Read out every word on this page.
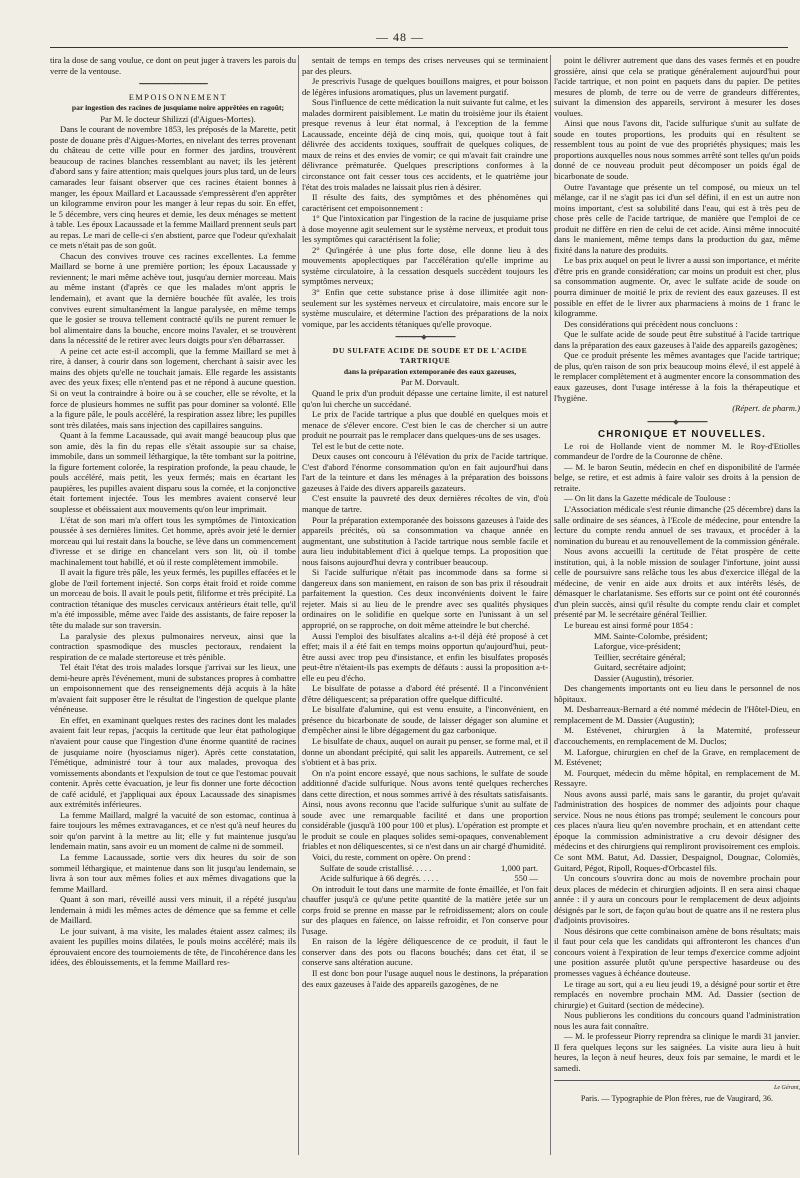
— 48 —

tira la dose de sang voulue, ce dont on peut juger à travers les parois du verre de la ventouse.

━━━━━━━━━━━━━━━━━━━━━

EMPOISONNEMENT

par ingestion des racines de jusquiame noire apprêtées en ragoût;

Par M. le docteur Shilizzi (d'Aigues-Mortes).

Dans le courant de novembre 1853, les préposés de la Marette, petit poste de douane près d'Aigues-Mortes, en nivelant des terres provenant du château de cette ville pour en former des jardins, trouvèrent beaucoup de racines blanches ressemblant au navet; ils les jetèrent d'abord sans y faire attention; mais quelques jours plus tard, un de leurs camarades leur faisant observer que ces racines étaient bonnes à manger, les époux Maillard et Lacaussade s'empressèrent d'en apprêter un kilogramme environ pour les manger à leur repas du soir. En effet, le 5 décembre, vers cinq heures et demie, les deux ménages se mettent à table. Les époux Lacaussade et la femme Maillard prennent seuls part au repas. Le mari de celle-ci s'en abstient, parce que l'odeur qu'exhalait ce mets n'était pas de son goût.

Chacun des convives trouve ces racines excellentes. La femme Maillard se borne à une première portion; les époux Lacaussade y reviennent; le mari même achève tout, jusqu'au dernier morceau. Mais au même instant (d'après ce que les malades m'ont appris le lendemain), et avant que la dernière bouchée fût avalée, les trois convives eurent simultanément la langue paralysée, en même temps que le gosier se trouva tellement contracté qu'ils ne purent remuer le bol alimentaire dans la bouche, encore moins l'avaler, et se trouvèrent dans la nécessité de le retirer avec leurs doigts pour s'en débarrasser.

A peine cet acte est-il accompli, que la femme Maillard se met à rire, à danser, à courir dans son logement, cherchant à saisir avec les mains des objets qu'elle ne touchait jamais. Elle regarde les assistants avec des yeux fixes; elle n'entend pas et ne répond à aucune question. Si on veut la contraindre à boire ou à se coucher, elle se révolte, et la force de plusieurs hommes ne suffit pas pour dominer sa volonté. Elle a la figure pâle, le pouls accéléré, la respiration assez libre; les pupilles sont très dilatées, mais sans injection des capillaires sanguins.

Quant à la femme Lacaussade, qui avait mangé beaucoup plus que son amie, dès la fin du repas elle s'était assoupie sur sa chaise, immobile, dans un sommeil léthargique, la tête tombant sur la poitrine, la figure fortement colorée, la respiration profonde, la peau chaude, le pouls accéléré, mais petit, les yeux fermés; mais en écartant les paupières, les pupilles avaient disparu sous la cornée, et la conjonctive était fortement injectée. Tous les membres avaient conservé leur souplesse et obéissaient aux mouvements qu'on leur imprimait.

L'état de son mari m'a offert tous les symptômes de l'intoxication poussée à ses dernières limites. Cet homme, après avoir jeté le dernier morceau qui lui restait dans la bouche, se lève dans un commencement d'ivresse et se dirige en chancelant vers son lit, où il tombe machinalement tout habillé, et où il reste complètement immobile.

Il avait la figure très pâle, les yeux fermés, les pupilles effacées et le globe de l'œil fortement injecté. Son corps était froid et roide comme un morceau de bois. Il avait le pouls petit, filiforme et très précipité. La contraction tétanique des muscles cervicaux antérieurs était telle, qu'il m'a été impossible, même avec l'aide des assistants, de faire reposer la tête du malade sur son traversin.

La paralysie des plexus pulmonaires nerveux, ainsi que la contraction spasmodique des muscles pectoraux, rendaient la respiration de ce malade stertoreuse et très pénible.

Tel était l'état des trois malades lorsque j'arrivai sur les lieux, une demi-heure après l'événement, muni de substances propres à combattre un empoisonnement que des renseignements déjà acquis à la hâte m'avaient fait supposer être le résultat de l'ingestion de quelque plante vénéneuse.

En effet, en examinant quelques restes des racines dont les malades avaient fait leur repas, j'acquis la certitude que leur état pathologique n'avaient pour cause que l'ingestion d'une énorme quantité de racines de jusquiame noire (hyosciamus niger). Après cette constatation, l'émétique, administré tour à tour aux malades, provoqua des vomissements abondants et l'expulsion de tout ce que l'estomac pouvait contenir. Après cette évacuation, je leur fis donner une forte décoction de café acidulé, et j'appliquai aux époux Lacaussade des sinapismes aux extrémités inférieures.

La femme Maillard, malgré la vacuité de son estomac, continua à faire toujours les mêmes extravagances, et ce n'est qu'à neuf heures du soir qu'on parvint à la mettre au lit; elle y fut maintenue jusqu'au lendemain matin, sans avoir eu un moment de calme ni de sommeil.

La femme Lacaussade, sortie vers dix heures du soir de son sommeil léthargique, et maintenue dans son lit jusqu'au lendemain, se livra à son tour aux mêmes folies et aux mêmes divagations que la femme Maillard.

Quant à son mari, réveillé aussi vers minuit, il a répété jusqu'au lendemain à midi les mêmes actes de démence que sa femme et celle de Maillard.

Le jour suivant, à ma visite, les malades étaient assez calmes; ils avaient les pupilles moins dilatées, le pouls moins accéléré; mais ils éprouvaient encore des tournoiements de tête, de l'incohérence dans les idées, des éblouissements, et la femme Maillard res-

sentait de temps en temps des crises nerveuses qui se terminaient par des pleurs.

Je prescrivis l'usage de quelques bouillons maigres, et pour boisson de légères infusions aromatiques, plus un lavement purgatif.

Sous l'influence de cette médication la nuit suivante fut calme, et les malades dormirent paisiblement. Le matin du troisième jour ils étaient presque revenus à leur état normal, à l'exception de la femme Lacaussade, enceinte déjà de cinq mois, qui, quoique tout à fait délivrée des accidents toxiques, souffrait de quelques coliques, de maux de reins et des envies de vomir; ce qui m'avait fait craindre une délivrance prématurée. Quelques prescriptions conformes à la circonstance ont fait cesser tous ces accidents, et le quatrième jour l'état des trois malades ne laissait plus rien à désirer.

Il résulte des faits, des symptômes et des phénomènes qui caractérisent cet empoisonnement :

1° Que l'intoxication par l'ingestion de la racine de jusquiame prise à dose moyenne agit seulement sur le système nerveux, et produit tous les symptômes qui caractérisent la folie;

2° Qu'ingérée à une plus forte dose, elle donne lieu à des mouvements apoplectiques par l'accélération qu'elle imprime au système circulatoire, à la cessation desquels succèdent toujours les symptômes nerveux;

3° Enfin que cette substance prise à dose illimitée agit non-seulement sur les systèmes nerveux et circulatoire, mais encore sur le système musculaire, et détermine l'action des préparations de la noix vomique, par les accidents tétaniques qu'elle provoque.

━━━━━━━━◆━━━━━━━━━

DU SULFATE ACIDE DE SOUDE ET DE L'ACIDE TARTRIQUE

dans la préparation extemporanée des eaux gazeuses,

Par M. Dorvault.

Quand le prix d'un produit dépasse une certaine limite, il est naturel qu'on lui cherche un succédané.

Le prix de l'acide tartrique a plus que doublé en quelques mois et menace de s'élever encore. C'est bien le cas de chercher si un autre produit ne pourrait pas le remplacer dans quelques-uns de ses usages.

Tel est le but de cette note.

Deux causes ont concouru à l'élévation du prix de l'acide tartrique. C'est d'abord l'énorme consommation qu'on en fait aujourd'hui dans l'art de la teinture et dans les ménages à la préparation des boissons gazeuses à l'aide des divers appareils gazateurs.

C'est ensuite la pauvreté des deux dernières récoltes de vin, d'où manque de tartre.

Pour la préparation extemporanée des boissons gazeuses à l'aide des appareils précités, où sa consommation va chaque année en augmentant, une substitution à l'acide tartrique nous semble facile et aura lieu indubitablement d'ici à quelque temps. La proposition que nous faisons aujourd'hui devra y contribuer beaucoup.

Si l'acide sulfurique n'était pas incommode dans sa forme si dangereux dans son maniement, en raison de son bas prix il résoudrait parfaitement la question. Ces deux inconvénients doivent le faire rejeter. Mais si au lieu de le prendre avec ses qualités physiques ordinaires on le solidifie en quelque sorte en l'unissant à un sel approprié, on se rapproche, on doit même atteindre le but cherché.

Aussi l'emploi des bisulfates alcalins a-t-il déjà été proposé à cet effet; mais il a été fait en temps moins opportun qu'aujourd'hui, peut-être aussi avec trop peu d'insistance, et enfin les bisulfates proposés peut-être n'étaient-ils pas exempts de défauts : aussi la proposition a-t-elle eu peu d'écho.

Le bisulfate de potasse a d'abord été présenté. Il a l'inconvénient d'être déliquescent; sa préparation offre quelque difficulté.

Le bisulfate d'alumine, qui est venu ensuite, a l'inconvénient, en présence du bicarbonate de soude, de laisser dégager son alumine et d'empêcher ainsi le libre dégagement du gaz carbonique.

Le bisulfate de chaux, auquel on aurait pu penser, se forme mal, et il donne un abondant précipité, qui salit les appareils. Autrement, ce sel s'obtient et à bas prix.

On n'a point encore essayé, que nous sachions, le sulfate de soude additionné d'acide sulfurique. Nous avons tenté quelques recherches dans cette direction, et nous sommes arrivé à des résultats satisfaisants. Ainsi, nous avons reconnu que l'acide sulfurique s'unit au sulfate de soude avec une remarquable facilité et dans une proportion considérable (jusqu'à 100 pour 100 et plus). L'opération est prompte et le produit se coule en plaques solides semi-opaques, convenablement friables et non déliquescentes, si ce n'est dans un air chargé d'humidité.

Voici, du reste, comment on opère. On prend :

Sulfate de soude cristallisé. . . . .	1,000 part.
Acide sulfurique à 66 degrés. . . . .	550 —

On introduit le tout dans une marmite de fonte émaillée, et l'on fait chauffer jusqu'à ce qu'une petite quantité de la matière jetée sur un corps froid se prenne en masse par le refroidissement; alors on coule sur des plaques en faïence, on laisse refroidir, et l'on conserve pour l'usage.

En raison de la légère déliquescence de ce produit, il faut le conserver dans des pots ou flacons bouchés; dans cet état, il se conserve sans altération aucune.

Il est donc bon pour l'usage auquel nous le destinons, la préparation des eaux gazeuses à l'aide des appareils gazogènes, de ne

point le délivrer autrement que dans des vases fermés et en poudre grossière, ainsi que cela se pratique généralement aujourd'hui pour l'acide tartrique, et non point en paquets dans du papier. De petites mesures de plomb, de terre ou de verre de grandeurs différentes, suivant la dimension des appareils, serviront à mesurer les doses voulues.

Ainsi que nous l'avons dit, l'acide sulfurique s'unit au sulfate de soude en toutes proportions, les produits qui en résultent se ressemblent tous au point de vue des propriétés physiques; mais les proportions auxquelles nous nous sommes arrêté sont telles qu'un poids donné de ce nouveau produit peut décomposer un poids égal de bicarbonate de soude.

Outre l'avantage que présente un tel composé, ou mieux un tel mélange, car il ne s'agit pas ici d'un sel défini, il en est un autre non moins important, c'est sa solubilité dans l'eau, qui est à très peu de chose près celle de l'acide tartrique, de manière que l'emploi de ce produit ne diffère en rien de celui de cet acide. Ainsi même innocuité dans le maniement, même temps dans la production du gaz, même fixité dans la nature des produits.

Le bas prix auquel on peut le livrer a aussi son importance, et mérite d'être pris en grande considération; car moins un produit est cher, plus sa consommation augmente. Or, avec le sulfate acide de soude on pourra diminuer de moitié le prix de revient des eaux gazeuses. Il est possible en effet de le livrer aux pharmaciens à moins de 1 franc le kilogramme.

Des considérations qui précèdent nous concluons :

Que le sulfate acide de soude peut être substitué à l'acide tartrique dans la préparation des eaux gazeuses à l'aide des appareils gazogènes;

Que ce produit présente les mêmes avantages que l'acide tartrique; de plus, qu'en raison de son prix beaucoup moins élevé, il est appelé à le remplacer complètement et à augmenter encore la consommation des eaux gazeuses, dont l'usage intéresse à la fois la thérapeutique et l'hygiène.

(Répert. de pharm.)

━━━━━━━━◆━━━━━━━━━

CHRONIQUE ET NOUVELLES.

Le roi de Hollande vient de nommer M. le Roy-d'Etiolles commandeur de l'ordre de la Couronne de chêne.

— M. le baron Seutin, médecin en chef en disponibilité de l'armée belge, se retire, et est admis à faire valoir ses droits à la pension de retraite.

— On lit dans la Gazette médicale de Toulouse :

L'Association médicale s'est réunie dimanche (25 décembre) dans la salle ordinaire de ses séances, à l'Ecole de médecine, pour entendre la lecture du compte rendu annuel de ses travaux, et procéder à la nomination du bureau et au renouvellement de la commission générale.

Nous avons accueilli la certitude de l'état prospère de cette institution, qui, à la noble mission de soulager l'infortune, joint aussi celle de poursuivre sans relâche tous les abus d'exercice illégal de la médecine, de venir en aide aux droits et aux intérêts lésés, de démasquer le charlatanisme. Ses efforts sur ce point ont été couronnés d'un plein succès, ainsi qu'il résulte du compte rendu clair et complet présenté par M. le secrétaire général Teillier.

Le bureau est ainsi formé pour 1854 :

MM. Sainte-Colombe, président;

Laforgue, vice-président;

Teillier, secrétaire général;

Guitard, secrétaire adjoint;

Dassier (Augustin), trésorier.

Des changements importants ont eu lieu dans le personnel de nos hôpitaux.

M. Desbarreaux-Bernard a été nommé médecin de l'Hôtel-Dieu, en remplacement de M. Dassier (Augustin);

M. Estévenet, chirurgien à la Maternité, professeur d'accouchements, en remplacement de M. Duclos;

M. Laforgue, chirurgien en chef de la Grave, en remplacement de M. Estévenet;

M. Fourquet, médecin du même hôpital, en remplacement de M. Ressayre.

Nous avons aussi parlé, mais sans le garantir, du projet qu'avait l'administration des hospices de nommer des adjoints pour chaque service. Nous ne nous étions pas trompé; seulement le concours pour ces places n'aura lieu qu'en novembre prochain, et en attendant cette époque la commission administrative a cru devoir désigner des médecins et des chirurgiens qui rempliront provisoirement ces emplois. Ce sont MM. Batut, Ad. Dassier, Despaignol, Dougnac, Colomiès, Guitard, Pégot, Ripoll, Roques-d'Orbcastel fils.

Un concours s'ouvrira donc au mois de novembre prochain pour deux places de médecin et chirurgien adjoints. Il en sera ainsi chaque année : il y aura un concours pour le remplacement de deux adjoints désignés par le sort, de façon qu'au bout de quatre ans il ne restera plus d'adjoints provisoires.

Nous désirons que cette combinaison amène de bons résultats; mais il faut pour cela que les candidats qui affronteront les chances d'un concours voient à l'expiration de leur temps d'exercice comme adjoint une position assurée plutôt qu'une perspective hasardeuse ou des promesses vagues à échéance douteuse.

Le tirage au sort, qui a eu lieu jeudi 19, a désigné pour sortir et être remplacés en novembre prochain MM. Ad. Dassier (section de chirurgie) et Guitard (section de médecine).

Nous publierons les conditions du concours quand l'administration nous les aura fait connaître.

— M. le professeur Piorry reprendra sa clinique le mardi 31 janvier. Il fera quelques leçons sur les saignées. La visite aura lieu à huit heures, la leçon à neuf heures, deux fois par semaine, le mardi et le samedi.

Le Gérant,
Paris. — Typographie de Plon frères, rue de Vaugirard, 36.
